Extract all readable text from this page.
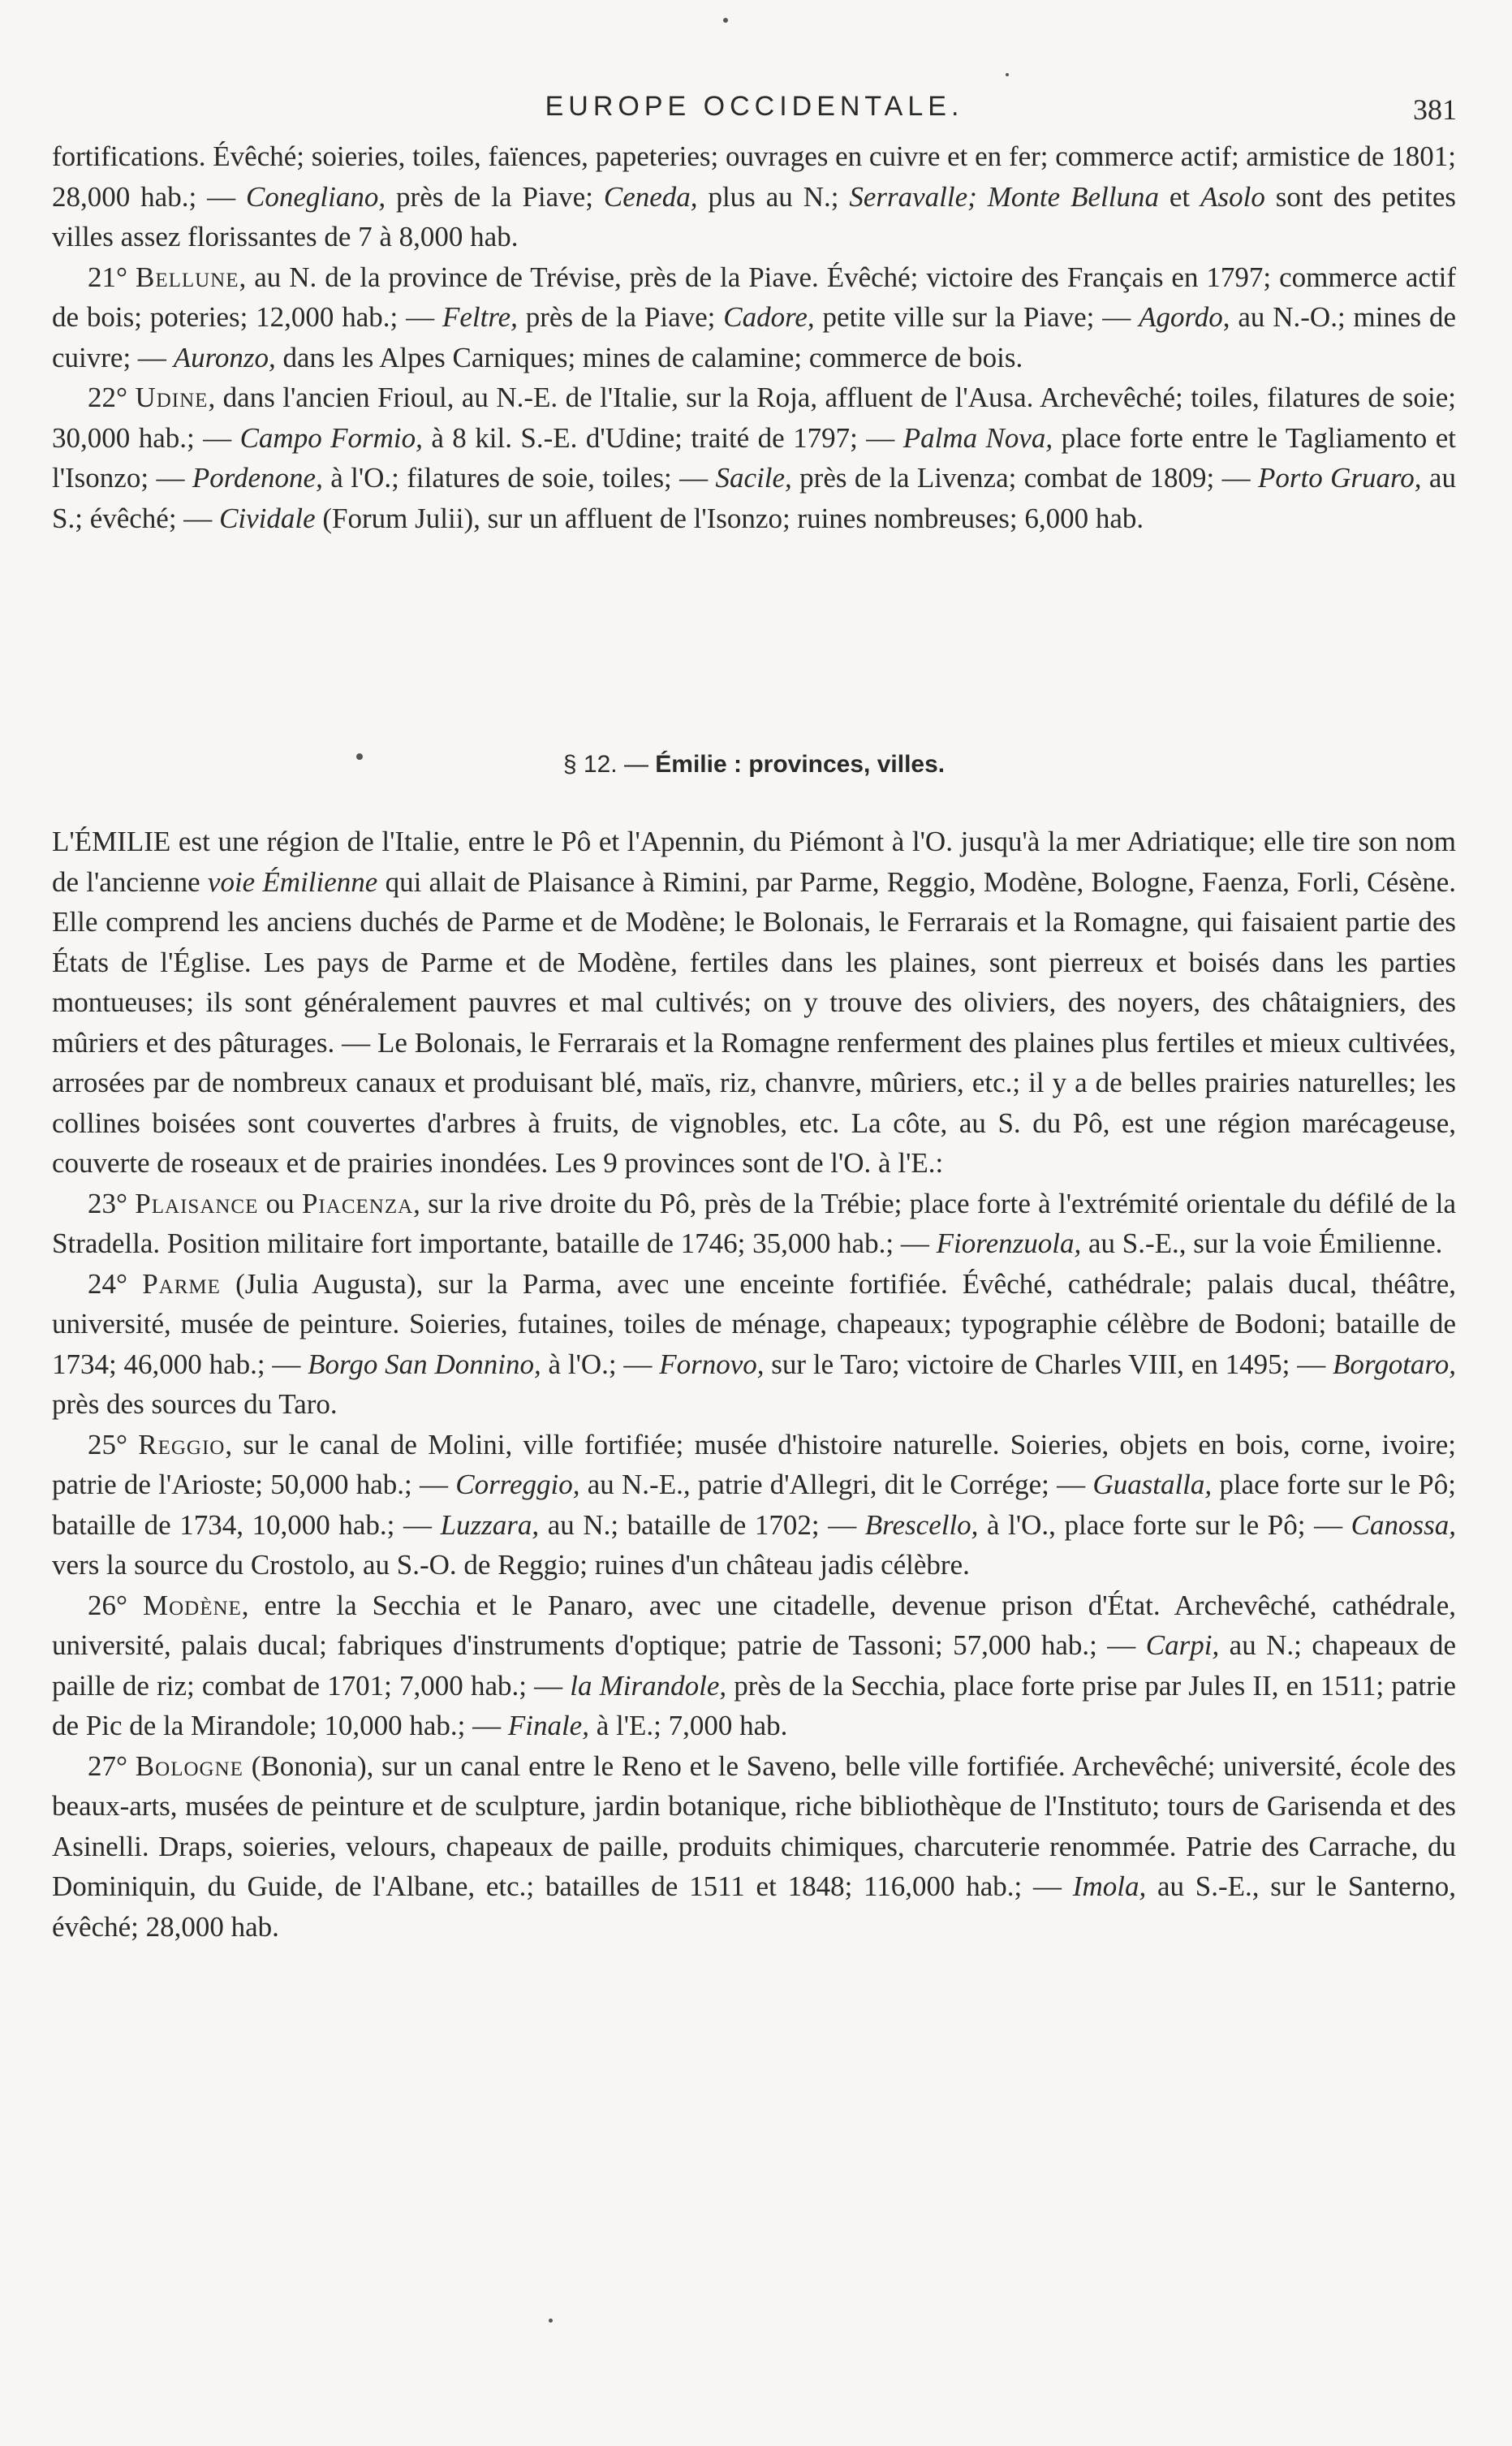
EUROPE OCCIDENTALE.	381

fortifications. Évêché; soieries, toiles, faïences, papeteries; ouvrages en cuivre et en fer; commerce actif; armistice de 1801; 28,000 hab.; — Conegliano, près de la Piave; Ceneda, plus au N.; Serravalle; Monte Belluna et Asolo sont des petites villes assez florissantes de 7 à 8,000 hab.

21° Bellune, au N. de la province de Trévise, près de la Piave. Évêché; victoire des Français en 1797; commerce actif de bois; poteries; 12,000 hab.; — Feltre, près de la Piave; Cadore, petite ville sur la Piave; — Agordo, au N.-O.; mines de cuivre; — Auronzo, dans les Alpes Carniques; mines de calamine; commerce de bois.

22° Udine, dans l'ancien Frioul, au N.-E. de l'Italie, sur la Roja, affluent de l'Ausa. Archevêché; toiles, filatures de soie; 30,000 hab.; — Campo Formio, à 8 kil. S.-E. d'Udine; traité de 1797; — Palma Nova, place forte entre le Tagliamento et l'Isonzo; — Pordenone, à l'O.; filatures de soie, toiles; — Sacile, près de la Livenza; combat de 1809; — Porto Gruaro, au S.; évêché; — Cividale (Forum Julii), sur un affluent de l'Isonzo; ruines nombreuses; 6,000 hab.

§ 12. — Émilie : provinces, villes.

L'ÉMILIE est une région de l'Italie, entre le Pô et l'Apennin, du Piémont à l'O. jusqu'à la mer Adriatique; elle tire son nom de l'ancienne voie Émilienne qui allait de Plaisance à Rimini, par Parme, Reggio, Modène, Bologne, Faenza, Forli, Césène. Elle comprend les anciens duchés de Parme et de Modène; le Bolonais, le Ferrarais et la Romagne, qui faisaient partie des États de l'Église. Les pays de Parme et de Modène, fertiles dans les plaines, sont pierreux et boisés dans les parties montueuses; ils sont généralement pauvres et mal cultivés; on y trouve des oliviers, des noyers, des châtaigniers, des mûriers et des pâturages. — Le Bolonais, le Ferrarais et la Romagne renferment des plaines plus fertiles et mieux cultivées, arrosées par de nombreux canaux et produisant blé, maïs, riz, chanvre, mûriers, etc.; il y a de belles prairies naturelles; les collines boisées sont couvertes d'arbres à fruits, de vignobles, etc. La côte, au S. du Pô, est une région marécageuse, couverte de roseaux et de prairies inondées. Les 9 provinces sont de l'O. à l'E.:

23° Plaisance ou Piacenza, sur la rive droite du Pô, près de la Trébie; place forte à l'extrémité orientale du défilé de la Stradella. Position militaire fort importante, bataille de 1746; 35,000 hab.; — Fiorenzuola, au S.-E., sur la voie Émilienne.

24° Parme (Julia Augusta), sur la Parma, avec une enceinte fortifiée. Évêché, cathédrale; palais ducal, théâtre, université, musée de peinture. Soieries, futaines, toiles de ménage, chapeaux; typographie célèbre de Bodoni; bataille de 1734; 46,000 hab.; — Borgo San Donnino, à l'O.; — Fornovo, sur le Taro; victoire de Charles VIII, en 1495; — Borgotaro, près des sources du Taro.

25° Reggio, sur le canal de Molini, ville fortifiée; musée d'histoire naturelle. Soieries, objets en bois, corne, ivoire; patrie de l'Arioste; 50,000 hab.; — Correggio, au N.-E., patrie d'Allegri, dit le Corrége; — Guastalla, place forte sur le Pô; bataille de 1734, 10,000 hab.; — Luzzara, au N.; bataille de 1702; — Brescello, à l'O., place forte sur le Pô; — Canossa, vers la source du Crostolo, au S.-O. de Reggio; ruines d'un château jadis célèbre.

26° Modène, entre la Secchia et le Panaro, avec une citadelle, devenue prison d'État. Archevêché, cathédrale, université, palais ducal; fabriques d'instruments d'optique; patrie de Tassoni; 57,000 hab.; — Carpi, au N.; chapeaux de paille de riz; combat de 1701; 7,000 hab.; — la Mirandole, près de la Secchia, place forte prise par Jules II, en 1511; patrie de Pic de la Mirandole; 10,000 hab.; — Finale, à l'E.; 7,000 hab.

27° Bologne (Bononia), sur un canal entre le Reno et le Saveno, belle ville fortifiée. Archevêché; université, école des beaux-arts, musées de peinture et de sculpture, jardin botanique, riche bibliothèque de l'Instituto; tours de Garisenda et des Asinelli. Draps, soieries, velours, chapeaux de paille, produits chimiques, charcuterie renommée. Patrie des Carrache, du Dominiquin, du Guide, de l'Albane, etc.; batailles de 1511 et 1848; 116,000 hab.; — Imola, au S.-E., sur le Santerno, évêché; 28,000 hab.
